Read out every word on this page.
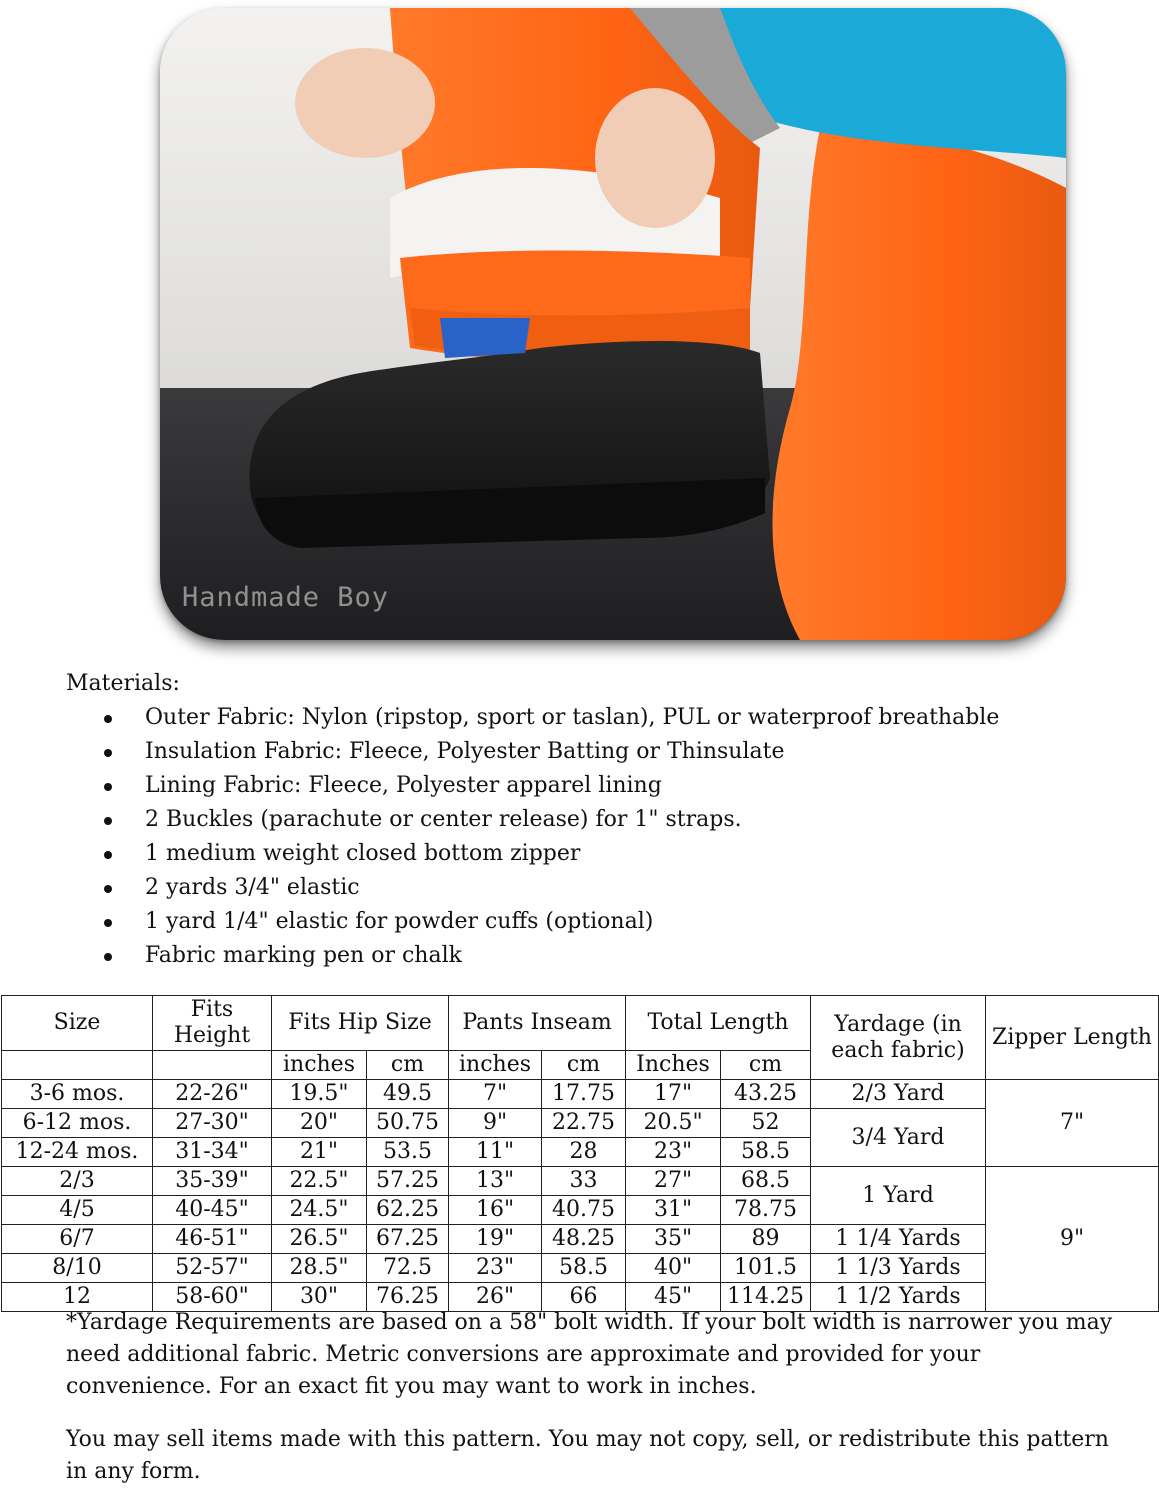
Handmade Boy
Materials:
Outer Fabric: Nylon (ripstop, sport or taslan), PUL or waterproof breathable
Insulation Fabric: Fleece, Polyester Batting or Thinsulate
Lining Fabric: Fleece, Polyester apparel lining
2 Buckles (parachute or center release) for 1" straps.
1 medium weight closed bottom zipper
2 yards 3/4" elastic
1 yard 1/4" elastic for powder cuffs (optional)
Fabric marking pen or chalk
Size	Fits Height	Fits Hip Size		Pants Inseam		Total Length		Yardage (in each fabric)	Zipper Length
		inches	cm	inches	cm	Inches	cm		
3-6 mos.	22-26"	19.5"	49.5	7"	17.75	17"	43.25	2/3 Yard	7"
6-12 mos.	27-30"	20"	50.75	9"	22.75	20.5"	52	3/4 Yard	
12-24 mos.	31-34"	21"	53.5	11"	28	23"	58.5		
2/3	35-39"	22.5"	57.25	13"	33	27"	68.5	1 Yard	9"
4/5	40-45"	24.5"	62.25	16"	40.75	31"	78.75		
6/7	46-51"	26.5"	67.25	19"	48.25	35"	89	1 1/4 Yards	
8/10	52-57"	28.5"	72.5	23"	58.5	40"	101.5	1 1/3 Yards	
12	58-60"	30"	76.25	26"	66	45"	114.25	1 1/2 Yards	
*Yardage Requirements are based on a 58" bolt width. If your bolt width is narrower you may need additional fabric. Metric conversions are approximate and provided for your convenience. For an exact fit you may want to work in inches.
You may sell items made with this pattern. You may not copy, sell, or redistribute this pattern in any form.
